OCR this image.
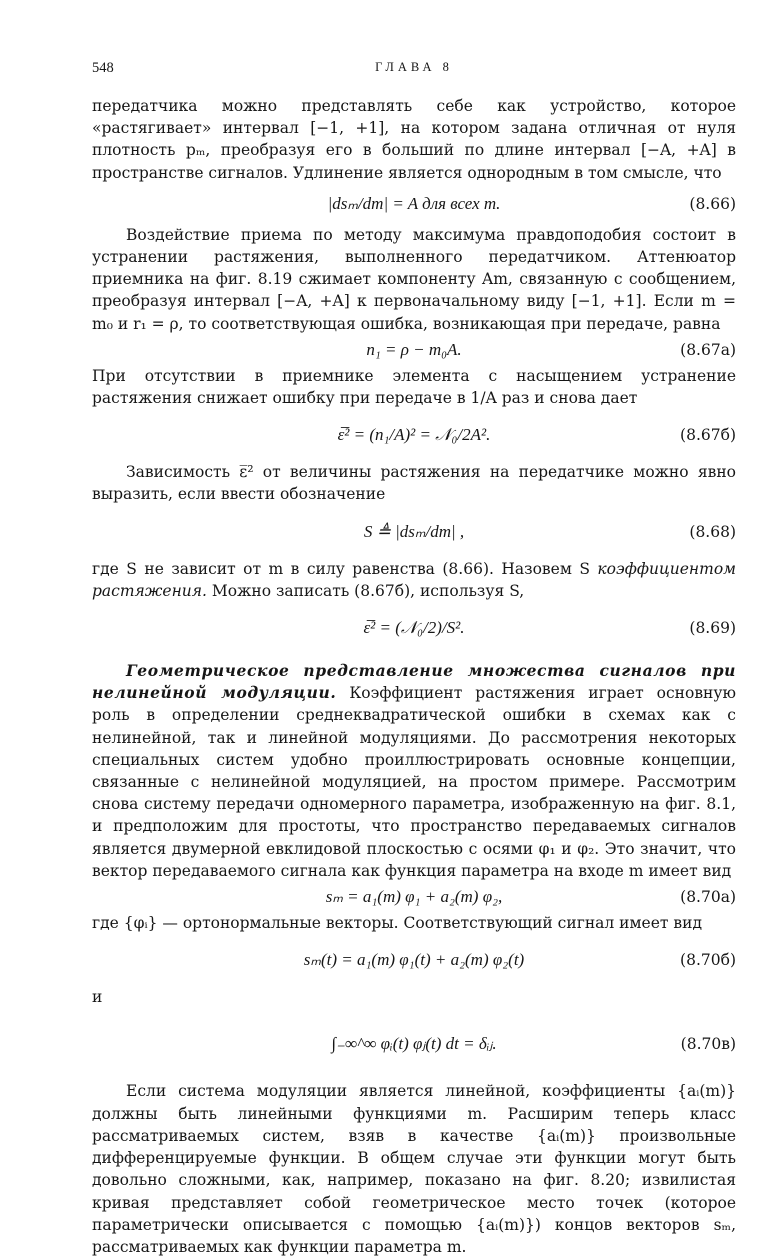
548	ГЛАВА 8

передатчика можно представлять себе как устройство, которое «растягивает» интервал [−1, +1], на котором задана отличная от нуля плотность pₘ, преобразуя его в больший по длине интервал [−A, +A] в пространстве сигналов. Удлинение является однородным в том смысле, что

|dsₘ/dm| = A для всех m.	(8.66)

Воздействие приема по методу максимума правдоподобия состоит в устранении растяжения, выполненного передатчиком. Аттенюатор приемника на фиг. 8.19 сжимает компоненту Am, связанную с сообщением, преобразуя интервал [−A, +A] к первоначальному виду [−1, +1]. Если m = m₀ и r₁ = ρ, то соответствующая ошибка, возникающая при передаче, равна

n₁ = ρ − m₀A.	(8.67а)

При отсутствии в приемнике элемента с насыщением устранение растяжения снижает ошибку при передаче в 1/A раз и снова дает

ε̅² = (n₁/A)² = 𝒩₀/2A².	(8.67б)

Зависимость ε̅² от величины растяжения на передатчике можно явно выразить, если ввести обозначение

S ≜ |dsₘ/dm| ,	(8.68)

где S не зависит от m в силу равенства (8.66). Назовем S коэффициентом растяжения. Можно записать (8.67б), используя S,

ε̅² = (𝒩₀/2)/S².	(8.69)

Геометрическое представление множества сигналов при нелинейной модуляции. Коэффициент растяжения играет основную роль в определении среднеквадратической ошибки в схемах как с нелинейной, так и линейной модуляциями. До рассмотрения некоторых специальных систем удобно проиллюстрировать основные концепции, связанные с нелинейной модуляцией, на простом примере. Рассмотрим снова систему передачи одномерного параметра, изображенную на фиг. 8.1, и предположим для простоты, что пространство передаваемых сигналов является двумерной евклидовой плоскостью с осями φ₁ и φ₂. Это значит, что вектор передаваемого сигнала как функция параметра на входе m имеет вид

sₘ = a₁(m) φ₁ + a₂(m) φ₂,	(8.70а)

где {φᵢ} — ортонормальные векторы. Соответствующий сигнал имеет вид

sₘ(t) = a₁(m) φ₁(t) + a₂(m) φ₂(t)	(8.70б)

и

∫₋∞^∞ φᵢ(t) φⱼ(t) dt = δᵢⱼ.	(8.70в)

Если система модуляции является линейной, коэффициенты {aᵢ(m)} должны быть линейными функциями m. Расширим теперь класс рассматриваемых систем, взяв в качестве {aᵢ(m)} произвольные дифференцируемые функции. В общем случае эти функции могут быть довольно сложными, как, например, показано на фиг. 8.20; извилистая кривая представляет собой геометрическое место точек (которое параметрически описывается с помощью {aᵢ(m)}) концов векторов sₘ, рассматриваемых как функции параметра m.
